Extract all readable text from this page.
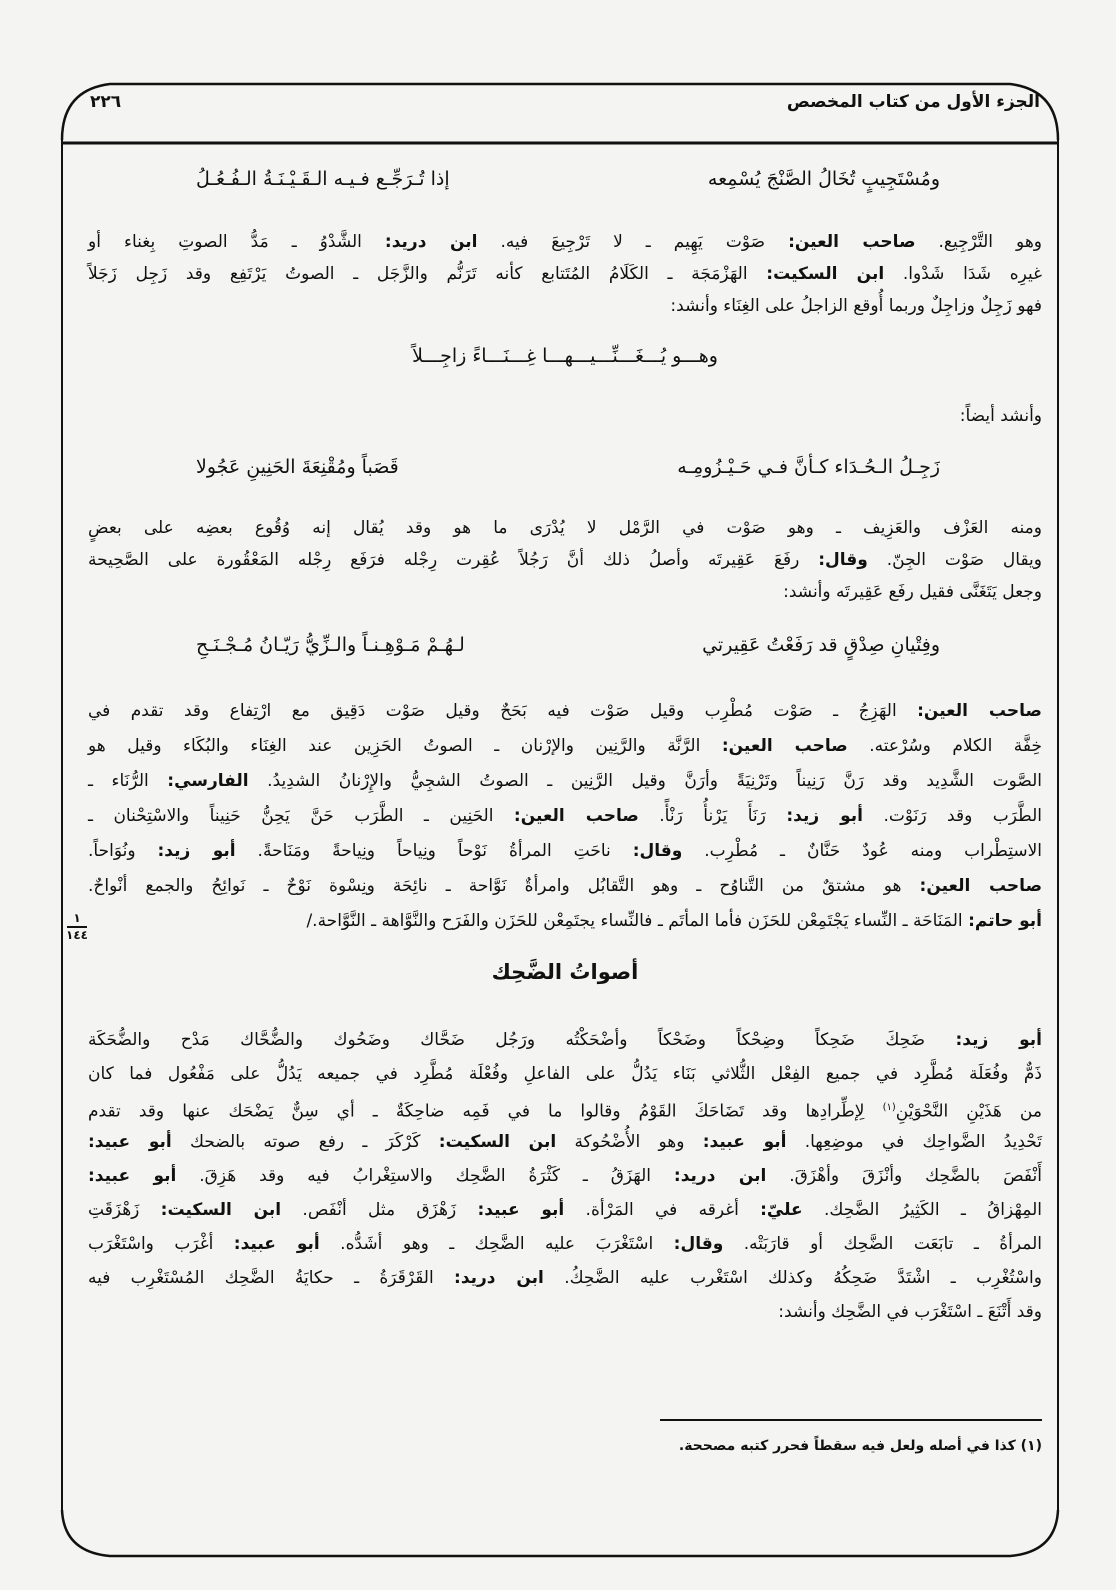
الجزء الأول من كتاب المخصص
٢٢٦
ومُسْتَجِيبٍ تُخَالُ الصَّنْجَ يُسْمِعه
إذا تُـرَجِّـع فـيـه الـقَـيْـنَـةُ الـفُـعُـلُ
وهـــو يُـــغَـــنِّـــيـــهـــا غِـــنَـــاءً زاجِـــلاً
وأنشد أيضاً:
زَجِـلُ الـحُـدَاء كـأنَّ فـي حَـيْـزُومِـه
قَصَباً ومُقْنِعَةَ الحَنِينِ عَجُولا
وفِتْيانِ صِدْقٍ قد رَفَعْتُ عَقِيرتي
لـهُـمْ مَـوْهِـنـاً والـزِّيُّ رَيّـانُ مُـجْـنَـحِ
١
١٤٤
أصواتُ الضَّحِك
(١) كذا في أصله ولعل فيه سقطاً فحرر كتبه مصححة.
وهو التَّرْجِيع. صاحب العين: صَوْت يَهِيم ـ لا تَرْجِيعَ فيه. ابن دريد: الشَّدْوُ ـ مَدُّ الصوتِ بِغناء أو
غيرِه شَدَا شَدْوا. ابن السكيت: الهَزْمَجَة ـ الكَلَامُ المُتَتابع كأنه تَرَنُّم والزَّجَل ـ الصوتُ يَرْتَفِع وقد زَجِل زَجَلاً
فهو زَجِلٌ وزاجِلٌ وربما أُوقع الزاجلُ على الغِنَاء وأنشد:
ومنه العَزْف والعَزِيف ـ وهو صَوْت في الرَّمْل لا يُدْرَى ما هو وقد يُقال إنه وُقُوع بعضِه على بعضٍ
ويقال صَوْت الجِنّ. وقال: رفَعَ عَقِيرتَه وأصلُ ذلك أنَّ رَجُلاً عُقِرت رِجْله فرَفَع رِجْله المَعْقُورة على الصَّحِيحة
وجعل يَتَغَنَّى فقيل رفَع عَقِيرتَه وأنشد:
صاحب العين: الهَزِجُ ـ صَوْت مُطْرِب وقيل صَوْت فيه بَحَحٌ وقيل صَوْت دَقِيق مع ارْتِفاع وقد تقدم في
خِفَّة الكلام وسُرْعته. صاحب العين: الرَّنَّة والرَّنِين والإرْنان ـ الصوتُ الحَزِين عند الغِنَاء والبُكَاء وقيل هو
الصَّوت الشَّدِيد وقد رَنَّ رَنِيناً وتَرْنِيَةً وأرَنَّ وقيل الرَّنِين ـ الصوتُ الشجِيُّ والإِرْنانُ الشدِيدُ. الفارسي: الرُّنَاء ـ
الطَّرَب وقد رَنَوْت. أبو زيد: رَنَأَ يَرْنأُ رَنْأً. صاحب العين: الحَنِين ـ الطَّرَب حَنَّ يَحِنُّ حَنِيناً والاسْتِحْنان ـ
الاستِطْراب ومنه عُودٌ حَنَّانٌ ـ مُطْرِب. وقال: ناحَتِ المرأةُ نَوْحاً ونِياحاً ونِياحةً ومَنَاحةً. أبو زيد: ونُوَاحاً.
صاحب العين: هو مشتقٌ من التَّناوُح ـ وهو التَّقابُل وامرأةٌ نَوَّاحة ـ نائِحَة ونِسْوة نَوْحٌ ـ نَوائِحُ والجمع أنْواحٌ.
أبو حاتم: المَنَاحَة ـ النِّساء يَجْتَمِعْن للحَزَن فأما المأتَم ـ فالنِّساء يجتَمِعْن للحَزَن والفَرَح والنَّوَّاهة ـ النَّوَّاحة./
أبو زيد: ضَحِكَ ضَحِكاً وضِحْكاً وضَحْكاً وأضْحَكْتُه ورَجُل ضَحَّاك وضَحُوك والضُّحَّاك مَدْح والضُّحَكَة
ذَمٌّ وفُعَلَة مُطَّرِد في جميع الفِعْل الثُّلاثي بَنَاء يَدُلُّ على الفاعلِ وفُعْلَة مُطَّرِد في جميعه يَدُلُّ على مَفْعُول فما كان
من هَذَيْنِ النَّحْوَيْنِ$^{(١)}$ لِإطِّرادِها وقد تَضَاحَكَ القَوْمُ وقالوا ما في فَمِه ضاحِكَةٌ ـ أي سِنٌّ يَضْحَك عنها وقد تقدم
تَحْدِيدُ الضَّواحِك في موضِعِها. أبو عبيد: وهو الأُضْحُوكة ابن السكيت: كَرْكَرَ ـ رفع صوته بالضحك أبو عبيد:
أَنْفَصَ بالضَّحِك وأنْزَقَ وأهْزَقَ. ابن دريد: الهَزَقُ ـ كَثْرَةُ الضَّحِك والاستِغْرابُ فيه وقد هَزِقَ. أبو عبيد:
المِهْزاقُ ـ الكَثِيرُ الضَّحِك. عليّ: أغرقه في المَرْأة. أبو عبيد: زَهْزَق مثل أنْفَص. ابن السكيت: زَهْزَقَتِ
المرأةُ ـ تابَعَت الضَّحِك أو قارَبَتْه. وقال: اسْتَغْرَبَ عليه الضَّحِك ـ وهو أشَدُّه. أبو عبيد: أغْرَب واسْتَغْرَب
واسْتُغْرِب ـ اشْتَدَّ ضَحِكُهُ وكذلك اسْتَغْرب عليه الضَّحِكُ. ابن دريد: القَرْقَرَةُ ـ حكايَةُ الضَّحِك المُسْتَغْرِب فيه
وقد أَتْنَعَ ـ اسْتَغْرَب في الضَّحِك وأنشد:
